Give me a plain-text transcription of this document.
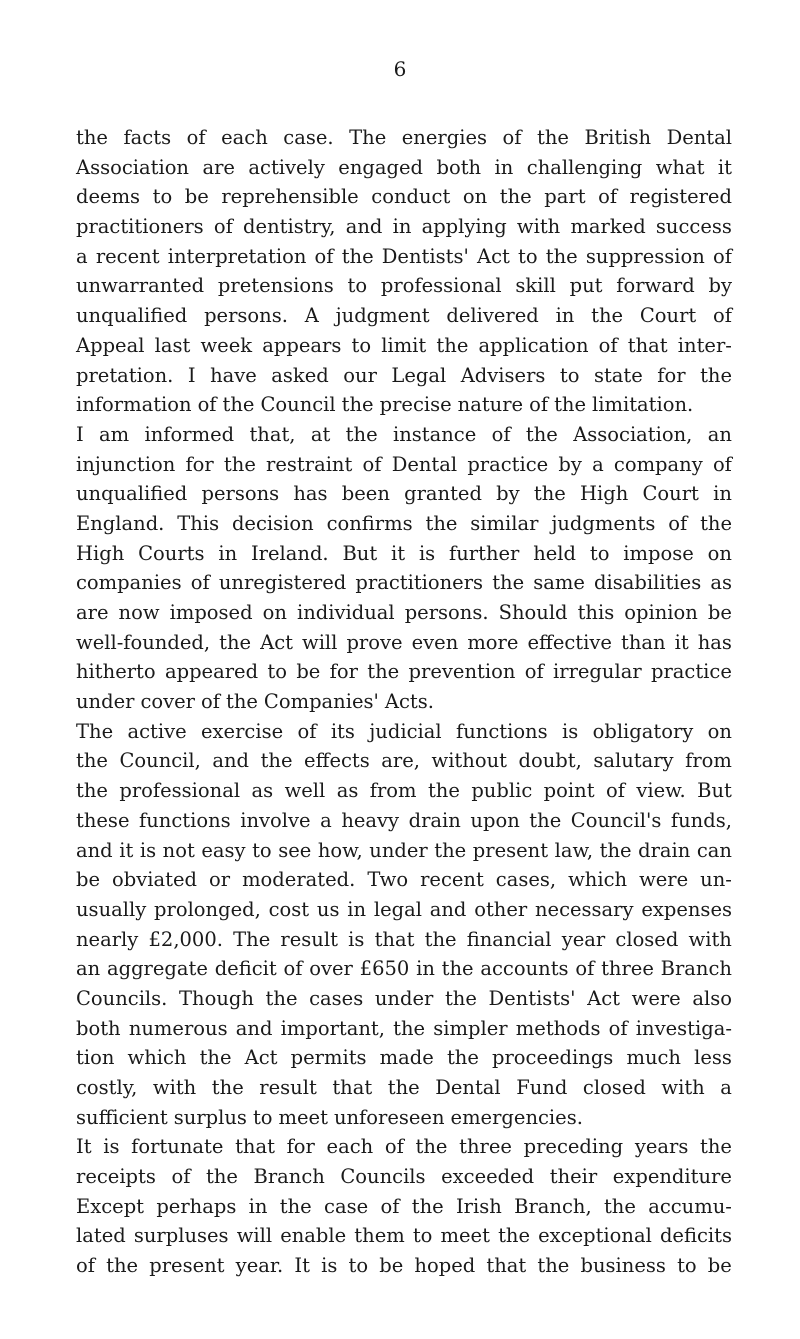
6
the facts of each case. The energies of the British Dental
Association are actively engaged both in challenging what it
deems to be reprehensible conduct on the part of registered
practitioners of dentistry, and in applying with marked success
a recent interpretation of the Dentists' Act to the suppression of
unwarranted pretensions to professional skill put forward by
unqualified persons. A judgment delivered in the Court of
Appeal last week appears to limit the application of that inter-
pretation. I have asked our Legal Advisers to state for the
information of the Council the precise nature of the limitation.
I am informed that, at the instance of the Association, an
injunction for the restraint of Dental practice by a company of
unqualified persons has been granted by the High Court in
England. This decision confirms the similar judgments of the
High Courts in Ireland. But it is further held to impose on
companies of unregistered practitioners the same disabilities as
are now imposed on individual persons. Should this opinion be
well-founded, the Act will prove even more effective than it has
hitherto appeared to be for the prevention of irregular practice
under cover of the Companies' Acts.
The active exercise of its judicial functions is obligatory on
the Council, and the effects are, without doubt, salutary from
the professional as well as from the public point of view. But
these functions involve a heavy drain upon the Council's funds,
and it is not easy to see how, under the present law, the drain can
be obviated or moderated. Two recent cases, which were un-
usually prolonged, cost us in legal and other necessary expenses
nearly £2,000. The result is that the financial year closed with
an aggregate deficit of over £650 in the accounts of three Branch
Councils. Though the cases under the Dentists' Act were also
both numerous and important, the simpler methods of investiga-
tion which the Act permits made the proceedings much less
costly, with the result that the Dental Fund closed with a
sufficient surplus to meet unforeseen emergencies.
It is fortunate that for each of the three preceding years the
receipts of the Branch Councils exceeded their expenditure
Except perhaps in the case of the Irish Branch, the accumu-
lated surpluses will enable them to meet the exceptional deficits
of the present year. It is to be hoped that the business to be
